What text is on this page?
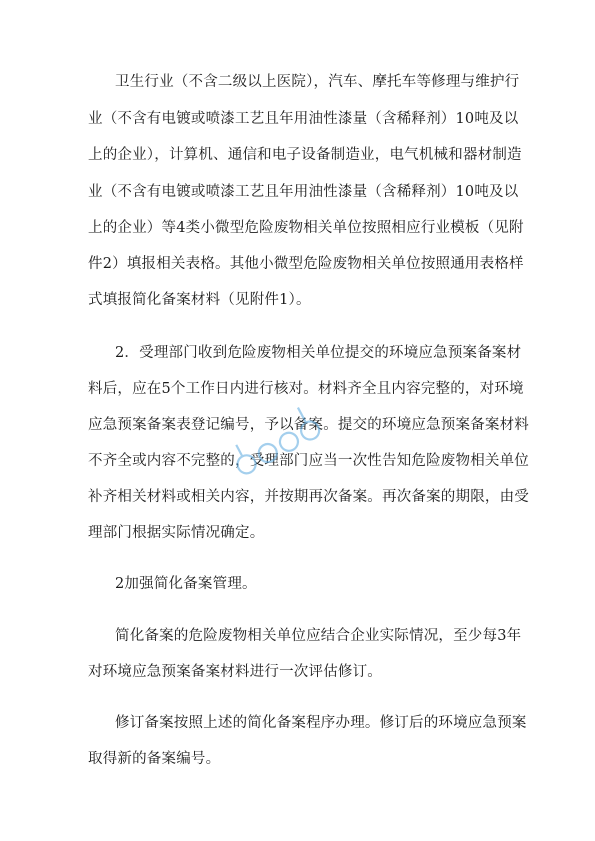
卫生行业（不含二级以上医院），汽车、摩托车等修理与维护行
业（不含有电镀或喷漆工艺且年用油性漆量（含稀释剂）10吨及以
上的企业），计算机、通信和电子设备制造业，电气机械和器材制造
业（不含有电镀或喷漆工艺且年用油性漆量（含稀释剂）10吨及以
上的企业）等4类小微型危险废物相关单位按照相应行业模板（见附
件2）填报相关表格。其他小微型危险废物相关单位按照通用表格样
式填报简化备案材料（见附件1）。
2．受理部门收到危险废物相关单位提交的环境应急预案备案材
料后，应在5个工作日内进行核对。材料齐全且内容完整的，对环境
应急预案备案表登记编号，予以备案。提交的环境应急预案备案材料
不齐全或内容不完整的，受理部门应当一次性告知危险废物相关单位
补齐相关材料或相关内容，并按期再次备案。再次备案的期限，由受
理部门根据实际情况确定。
2加强简化备案管理。
简化备案的危险废物相关单位应结合企业实际情况，至少每3年
对环境应急预案备案材料进行一次评估修订。
修订备案按照上述的简化备案程序办理。修订后的环境应急预案
取得新的备案编号。
